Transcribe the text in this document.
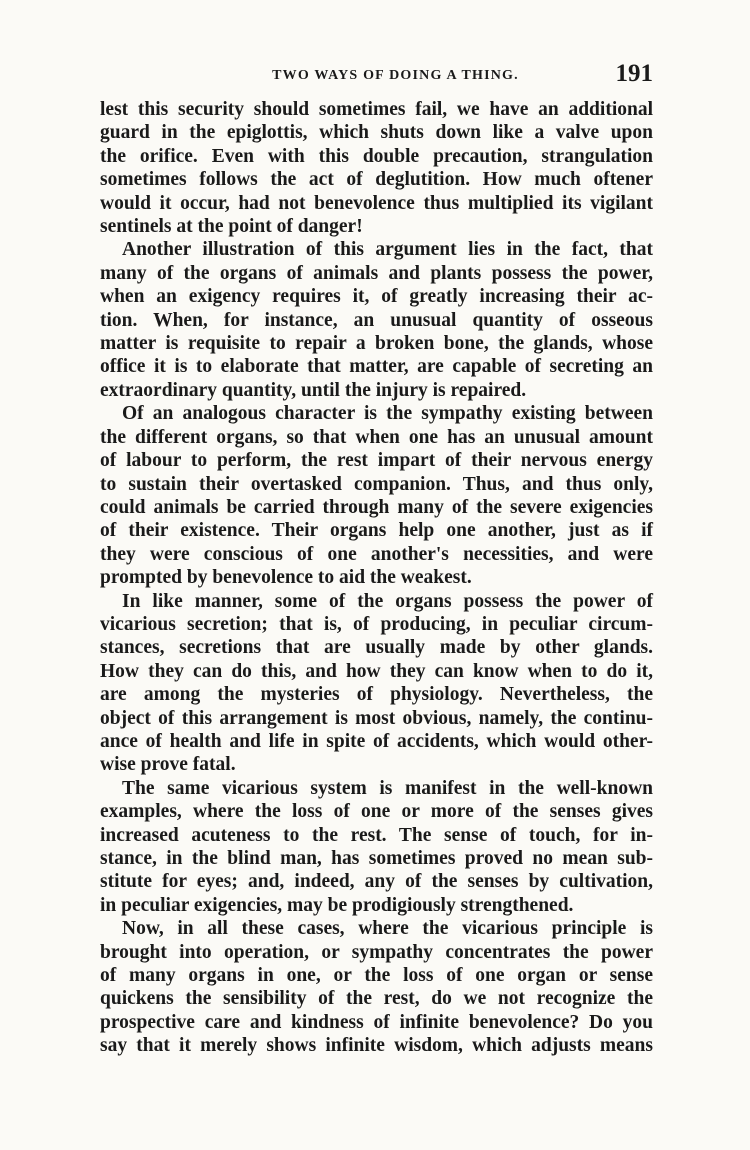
TWO WAYS OF DOING A THING.	191

lest this security should sometimes fail, we have an additional
guard in the epiglottis, which shuts down like a valve upon
the orifice. Even with this double precaution, strangulation
sometimes follows the act of deglutition. How much oftener
would it occur, had not benevolence thus multiplied its vigilant
sentinels at the point of danger!

Another illustration of this argument lies in the fact, that
many of the organs of animals and plants possess the power,
when an exigency requires it, of greatly increasing their ac-
tion. When, for instance, an unusual quantity of osseous
matter is requisite to repair a broken bone, the glands, whose
office it is to elaborate that matter, are capable of secreting an
extraordinary quantity, until the injury is repaired.

Of an analogous character is the sympathy existing between
the different organs, so that when one has an unusual amount
of labour to perform, the rest impart of their nervous energy
to sustain their overtasked companion. Thus, and thus only,
could animals be carried through many of the severe exigencies
of their existence. Their organs help one another, just as if
they were conscious of one another's necessities, and were
prompted by benevolence to aid the weakest.

In like manner, some of the organs possess the power of
vicarious secretion; that is, of producing, in peculiar circum-
stances, secretions that are usually made by other glands.
How they can do this, and how they can know when to do it,
are among the mysteries of physiology. Nevertheless, the
object of this arrangement is most obvious, namely, the continu-
ance of health and life in spite of accidents, which would other-
wise prove fatal.

The same vicarious system is manifest in the well-known
examples, where the loss of one or more of the senses gives
increased acuteness to the rest. The sense of touch, for in-
stance, in the blind man, has sometimes proved no mean sub-
stitute for eyes; and, indeed, any of the senses by cultivation,
in peculiar exigencies, may be prodigiously strengthened.

Now, in all these cases, where the vicarious principle is
brought into operation, or sympathy concentrates the power
of many organs in one, or the loss of one organ or sense
quickens the sensibility of the rest, do we not recognize the
prospective care and kindness of infinite benevolence? Do you
say that it merely shows infinite wisdom, which adjusts means
